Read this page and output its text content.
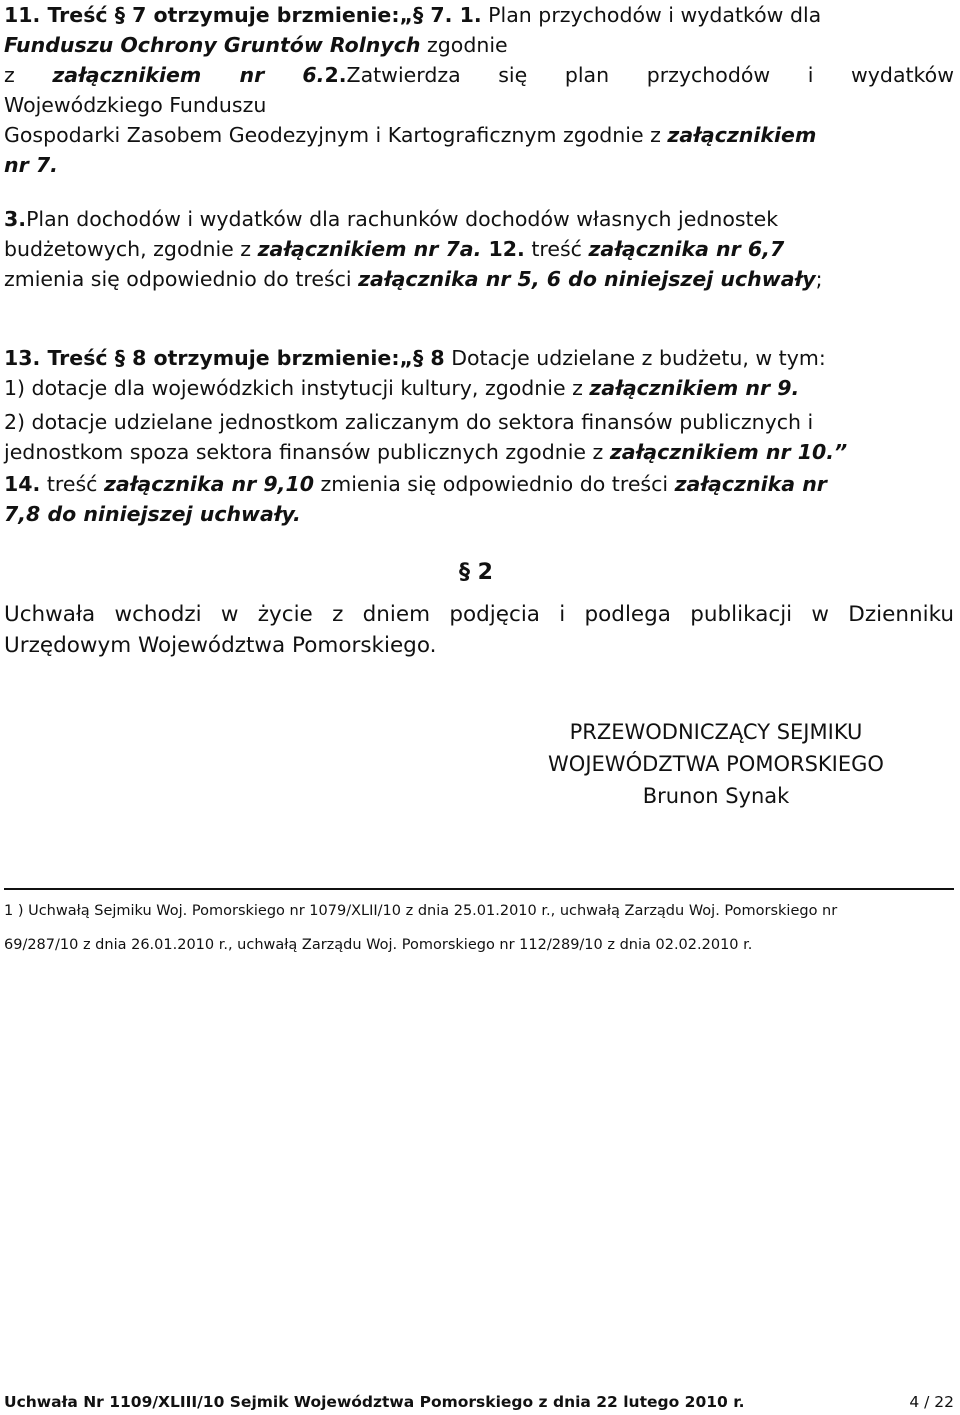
11. Treść § 7 otrzymuje brzmienie:„§ 7. 1. Plan przychodów i wydatków dla

Funduszu Ochrony Gruntów Rolnych zgodnie

z załącznikiem nr 6.2.Zatwierdza się plan przychodów i wydatków

Wojewódzkiego Funduszu

Gospodarki Zasobem Geodezyjnym i Kartograficznym zgodnie z załącznikiem

nr 7.

3.Plan dochodów i wydatków dla rachunków dochodów własnych jednostek

budżetowych, zgodnie z załącznikiem nr 7a. 12. treść załącznika nr 6,7

zmienia się odpowiednio do treści załącznika nr 5, 6 do niniejszej uchwały;

13. Treść § 8 otrzymuje brzmienie:„§ 8 Dotacje udzielane z budżetu, w tym:

1) dotacje dla wojewódzkich instytucji kultury, zgodnie z załącznikiem nr 9.

2) dotacje udzielane jednostkom zaliczanym do sektora finansów publicznych i

jednostkom spoza sektora finansów publicznych zgodnie z załącznikiem nr 10.”

14. treść załącznika nr 9,10 zmienia się odpowiednio do treści załącznika nr

7,8 do niniejszej uchwały.

§ 2

Uchwała wchodzi w życie z dniem podjęcia i podlega publikacji w Dzienniku

Urzędowym Województwa Pomorskiego.

PRZEWODNICZĄCY SEJMIKU
WOJEWÓDZTWA POMORSKIEGO
Brunon Synak
1 ) Uchwałą Sejmiku Woj. Pomorskiego nr 1079/XLII/10 z dnia 25.01.2010 r., uchwałą Zarządu Woj. Pomorskiego nr
69/287/10 z dnia 26.01.2010 r., uchwałą Zarządu Woj. Pomorskiego nr 112/289/10 z dnia 02.02.2010 r.
Uchwała Nr 1109/XLIII/10 Sejmik Województwa Pomorskiego z dnia 22 lutego 2010 r.	4 / 22
